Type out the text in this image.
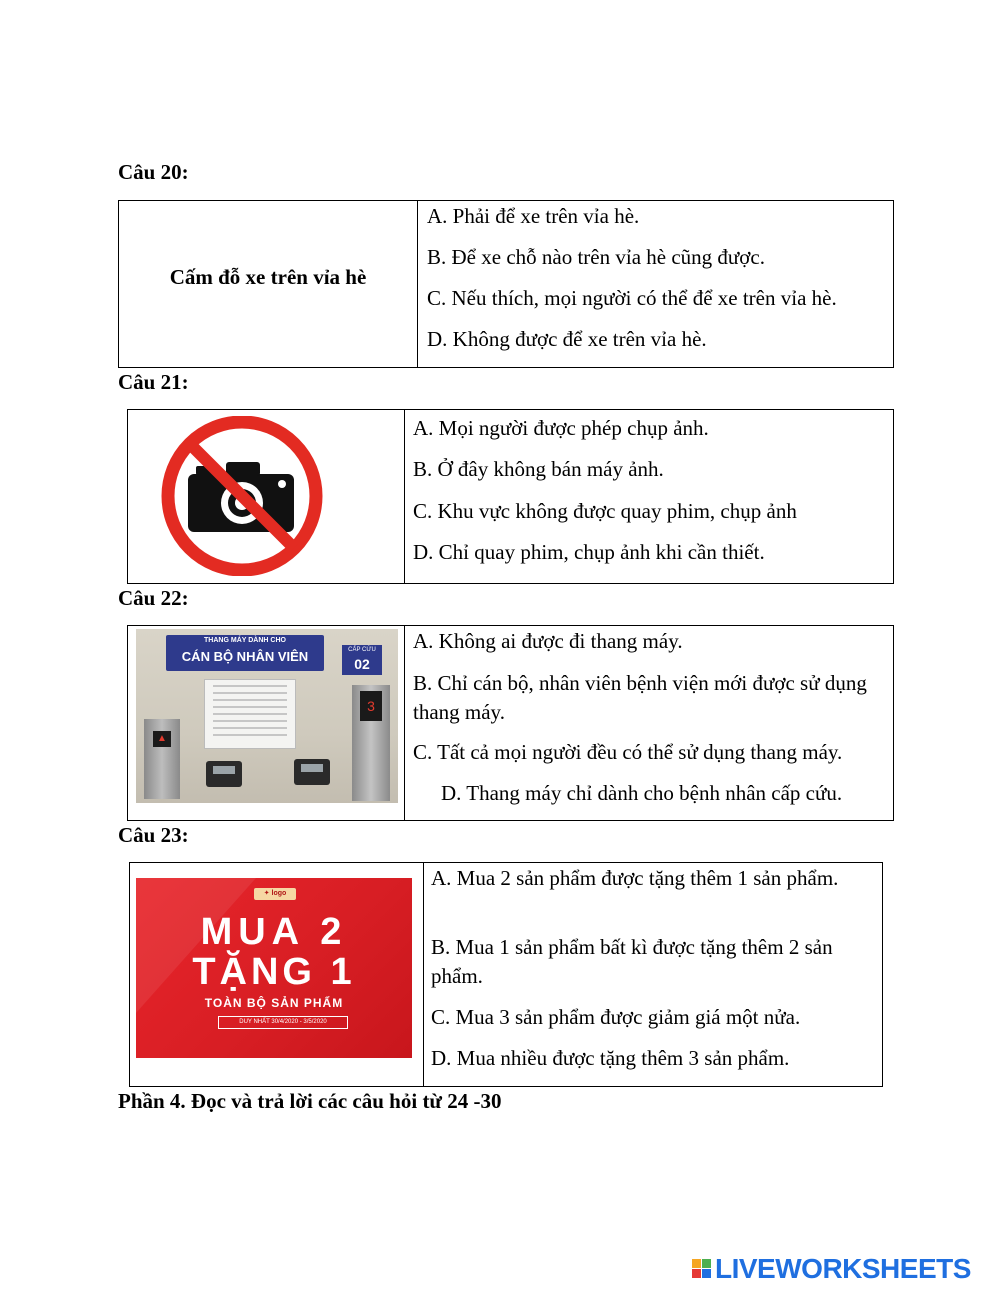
Câu 20:
Cấm đỗ xe trên vỉa hè
A. Phải để xe trên vỉa hè.
B. Để xe chỗ nào trên vỉa hè cũng được.
C. Nếu thích, mọi người có thể để xe trên vỉa hè.
D. Không được để xe trên vỉa hè.
Câu 21:
A. Mọi người được phép chụp ảnh.
B. Ở đây không bán máy ảnh.
C. Khu vực không được quay phim, chụp ảnh
D. Chỉ quay phim, chụp ảnh khi cần thiết.
Câu 22:
THANG MÁY DÀNH CHO
CÁN BỘ NHÂN VIÊN	CẤP CỨU
02
▲
3
A. Không ai được đi thang máy.
B. Chỉ cán bộ, nhân viên bệnh viện mới được sử dụng thang máy.
C. Tất cả mọi người đều có thể sử dụng thang máy.
D. Thang máy chỉ dành cho bệnh nhân cấp cứu.
Câu 23:
✦ logo
MUA 2
TẶNG 1
TOÀN BỘ SẢN PHẨM
DUY NHẤT 30/4/2020 - 3/5/2020
A. Mua 2 sản phẩm được tặng thêm 1 sản phẩm.
B. Mua 1 sản phẩm bất kì được tặng thêm 2 sản phẩm.
C. Mua 3 sản phẩm được giảm giá một nửa.
D. Mua nhiều được tặng thêm 3 sản phẩm.
Phần 4. Đọc và trả lời các câu hỏi từ 24 -30
LIVEWORKSHEETS
